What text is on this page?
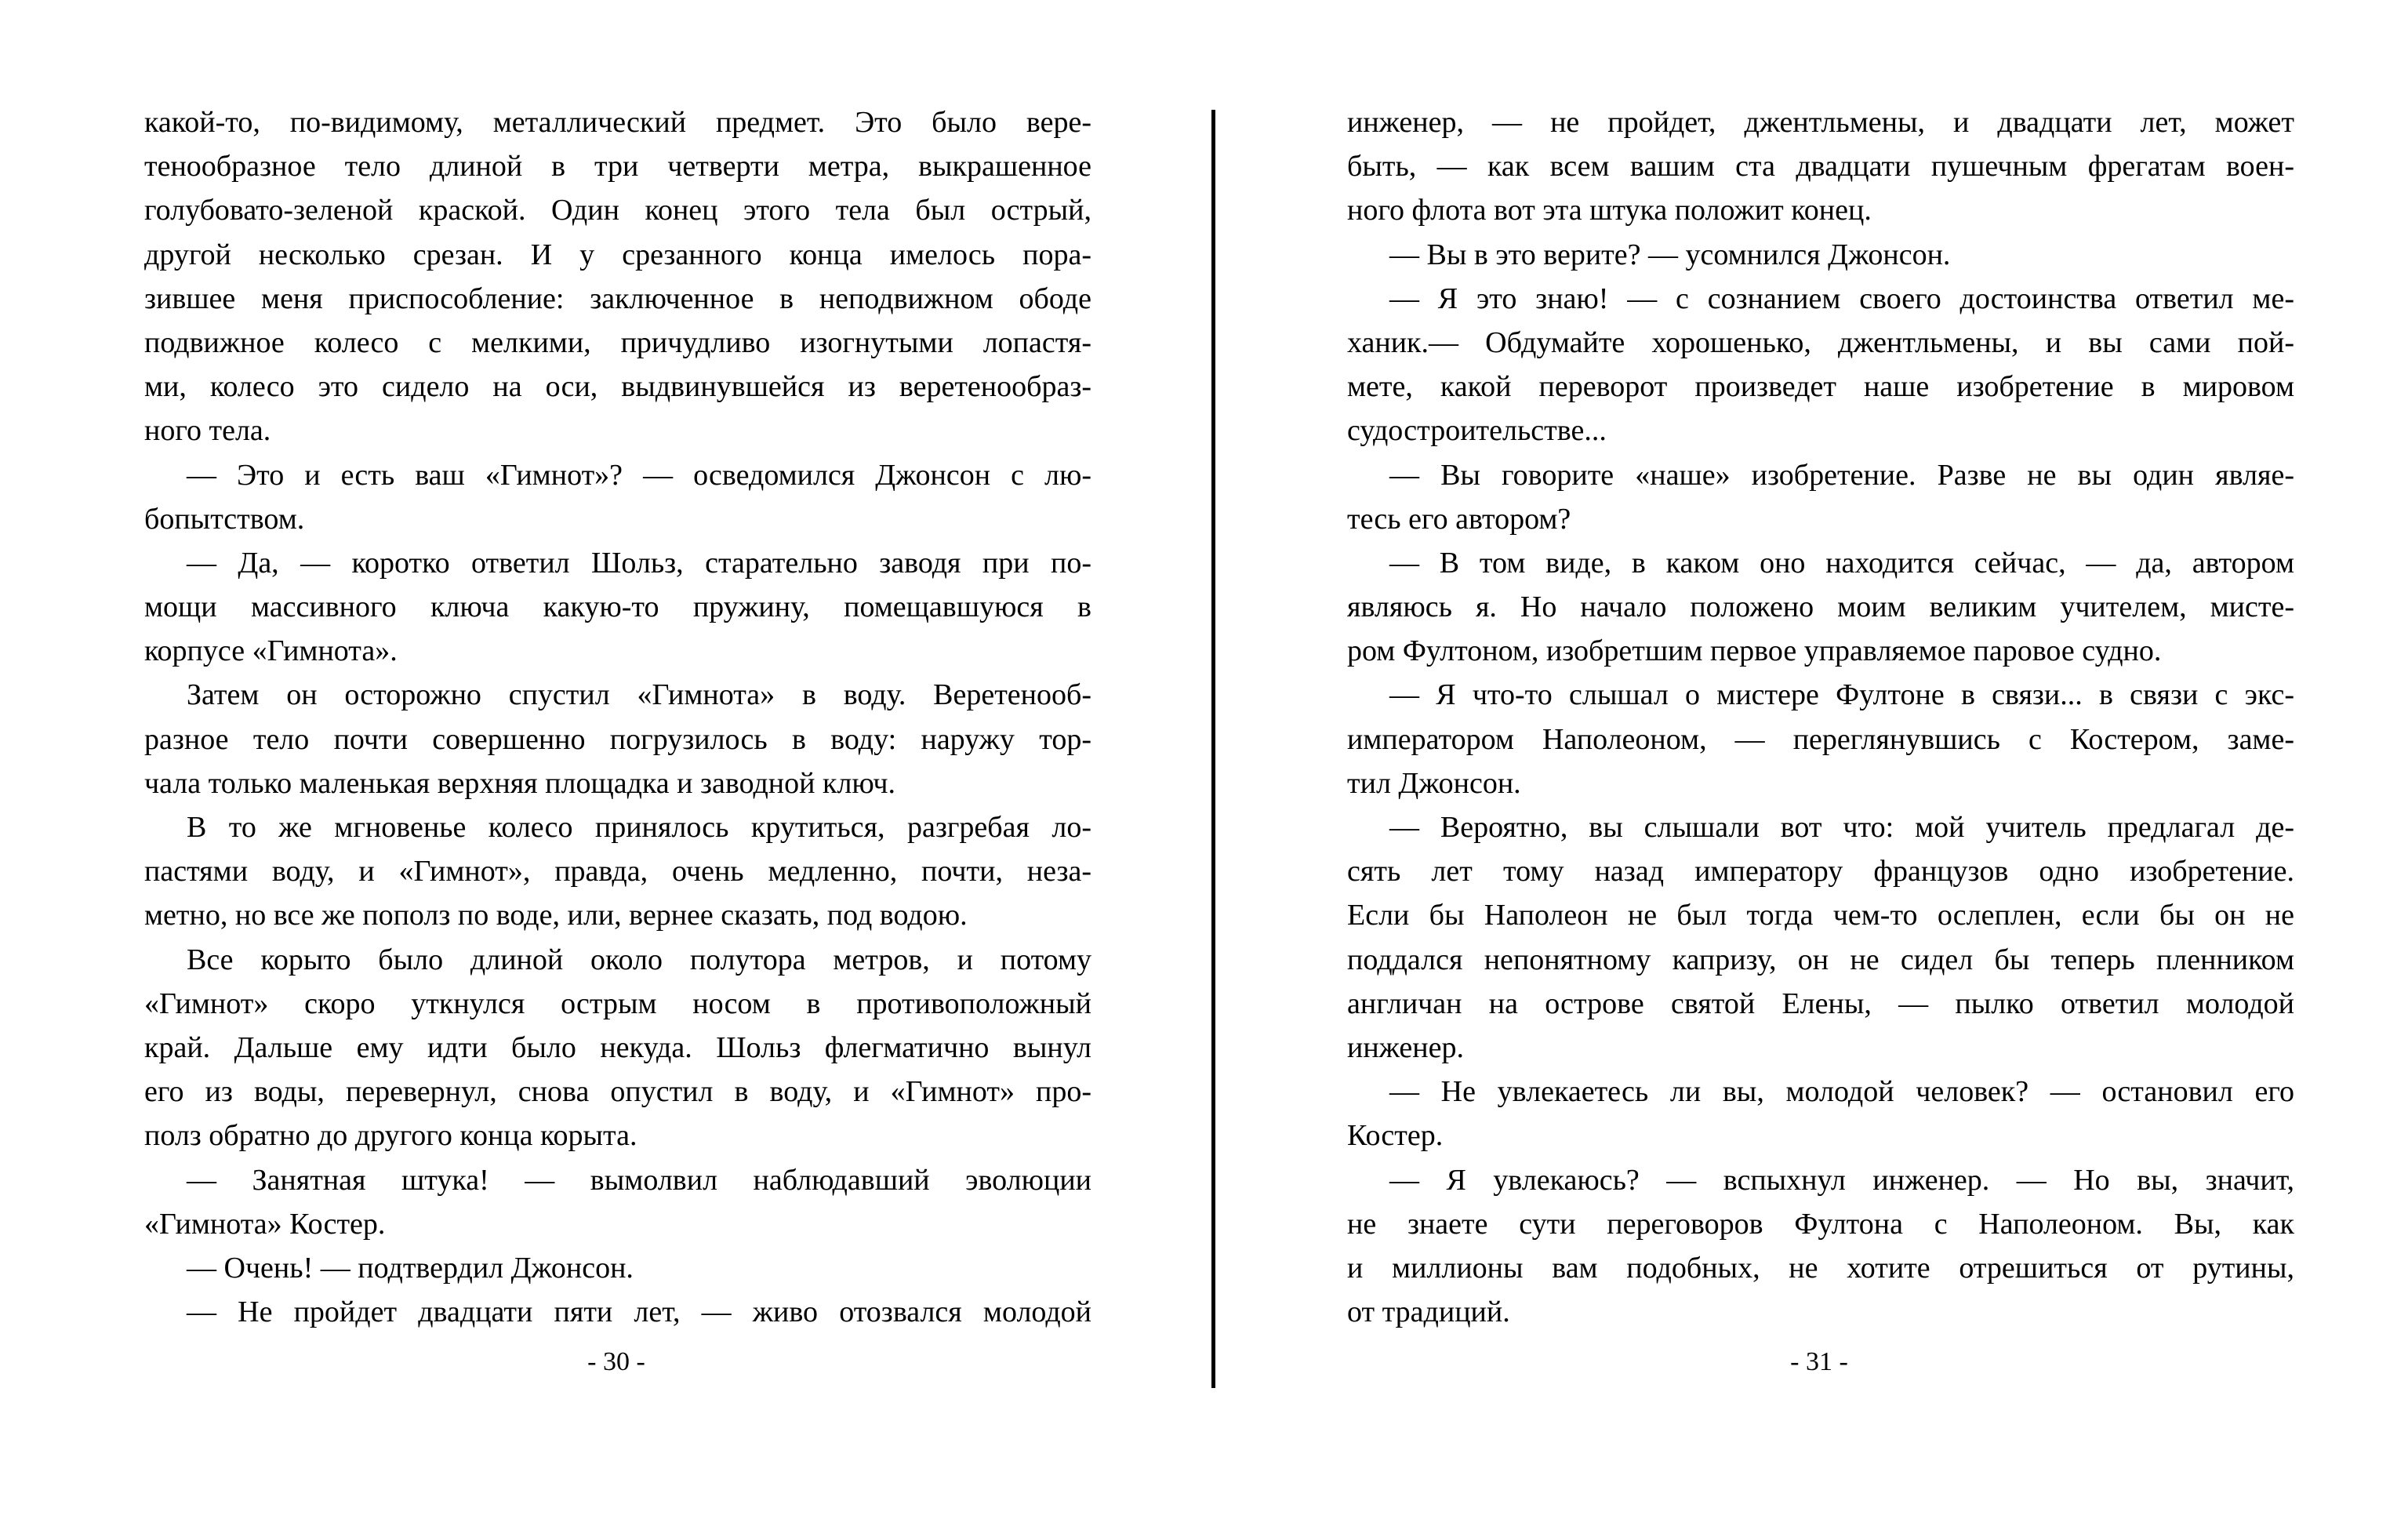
какой-то, по-видимому, металлический предмет. Это было вере-
тенообразное тело длиной в три четверти метра, выкрашенное
голубовато-зеленой краской. Один конец этого тела был острый,
другой несколько срезан. И у срезанного конца имелось пора-
зившее меня приспособление: заключенное в неподвижном ободе
подвижное колесо с мелкими, причудливо изогнутыми лопастя-
ми, колесо это сидело на оси, выдвинувшейся из веретенообраз-
ного тела.
— Это и есть ваш «Гимнот»? — осведомился Джонсон с лю-
бопытством.
— Да, — коротко ответил Шольз, старательно заводя при по-
мощи массивного ключа какую-то пружину, помещавшуюся в
корпусе «Гимнота».
Затем он осторожно спустил «Гимнота» в воду. Веретенооб-
разное тело почти совершенно погрузилось в воду: наружу тор-
чала только маленькая верхняя площадка и заводной ключ.
В то же мгновенье колесо принялось крутиться, разгребая ло-
пастями воду, и «Гимнот», правда, очень медленно, почти, неза-
метно, но все же пополз по воде, или, вернее сказать, под водою.
Все корыто было длиной около полутора метров, и потому
«Гимнот» скоро уткнулся острым носом в противоположный
край. Дальше ему идти было некуда. Шольз флегматично вынул
его из воды, перевернул, снова опустил в воду, и «Гимнот» про-
полз обратно до другого конца корыта.
— Занятная штука! — вымолвил наблюдавший эволюции
«Гимнота» Костер.
— Очень! — подтвердил Джонсон.
— Не пройдет двадцати пяти лет, — живо отозвался молодой
инженер, — не пройдет, джентльмены, и двадцати лет, может
быть, — как всем вашим ста двадцати пушечным фрегатам воен-
ного флота вот эта штука положит конец.
— Вы в это верите? — усомнился Джонсон.
— Я это знаю! — с сознанием своего достоинства ответил ме-
ханик.— Обдумайте хорошенько, джентльмены, и вы сами пой-
мете, какой переворот произведет наше изобретение в мировом
судостроительстве...
— Вы говорите «наше» изобретение. Разве не вы один являе-
тесь его автором?
— В том виде, в каком оно находится сейчас, — да, автором
являюсь я. Но начало положено моим великим учителем, мисте-
ром Фултоном, изобретшим первое управляемое паровое судно.
— Я что-то слышал о мистере Фултоне в связи... в связи с экс-
императором Наполеоном, — переглянувшись с Костером, заме-
тил Джонсон.
— Вероятно, вы слышали вот что: мой учитель предлагал де-
сять лет тому назад императору французов одно изобретение.
Если бы Наполеон не был тогда чем-то ослеплен, если бы он не
поддался непонятному капризу, он не сидел бы теперь пленником
англичан на острове святой Елены, — пылко ответил молодой
инженер.
— Не увлекаетесь ли вы, молодой человек? — остановил его
Костер.
— Я увлекаюсь? — вспыхнул инженер. — Но вы, значит,
не знаете сути переговоров Фултона с Наполеоном. Вы, как
и миллионы вам подобных, не хотите отрешиться от рутины,
от традиций.
- 30 -	- 31 -
